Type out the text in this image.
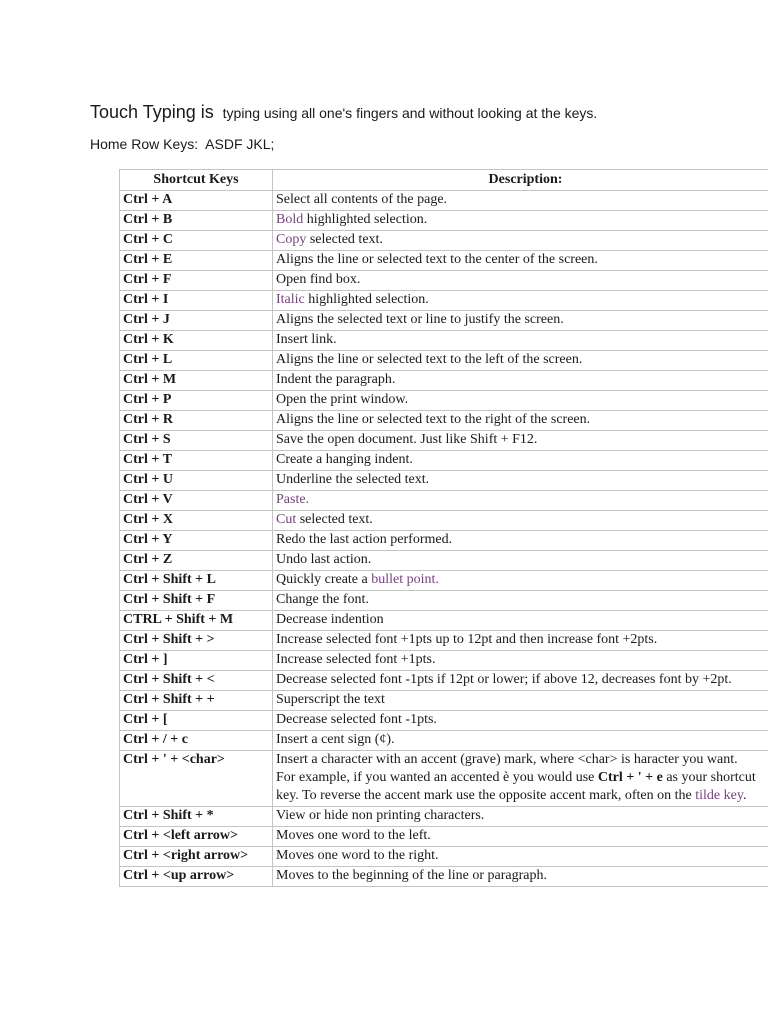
Touch Typing is typing using all one's fingers and without looking at the keys.

Home Row Keys:  ASDF JKL;

Shortcut Keys	Description:
Ctrl + A	Select all contents of the page.
Ctrl + B	Bold highlighted selection.
Ctrl + C	Copy selected text.
Ctrl + E	Aligns the line or selected text to the center of the screen.
Ctrl + F	Open find box.
Ctrl + I	Italic highlighted selection.
Ctrl + J	Aligns the selected text or line to justify the screen.
Ctrl + K	Insert link.
Ctrl + L	Aligns the line or selected text to the left of the screen.
Ctrl + M	Indent the paragraph.
Ctrl + P	Open the print window.
Ctrl + R	Aligns the line or selected text to the right of the screen.
Ctrl + S	Save the open document. Just like Shift + F12.
Ctrl + T	Create a hanging indent.
Ctrl + U	Underline the selected text.
Ctrl + V	Paste.
Ctrl + X	Cut selected text.
Ctrl + Y	Redo the last action performed.
Ctrl + Z	Undo last action.
Ctrl + Shift + L	Quickly create a bullet point.
Ctrl + Shift + F	Change the font.
CTRL + Shift + M	Decrease indention
Ctrl + Shift + >	Increase selected font +1pts up to 12pt and then increase font +2pts.
Ctrl + ]	Increase selected font +1pts.
Ctrl + Shift + <	Decrease selected font -1pts if 12pt or lower; if above 12, decreases font by +2pt.
Ctrl + Shift + +	Superscript the text
Ctrl + [	Decrease selected font -1pts.
Ctrl + / + c	Insert a cent sign (¢).
Ctrl + ' + <char>	Insert a character with an accent (grave) mark, where <char> is haracter you want. For example, if you wanted an accented è you would use Ctrl + ' + e as your shortcut key. To reverse the accent mark use the opposite accent mark, often on the tilde key.
Ctrl + Shift + *	View or hide non printing characters.
Ctrl + <left arrow>	Moves one word to the left.
Ctrl + <right arrow>	Moves one word to the right.
Ctrl + <up arrow>	Moves to the beginning of the line or paragraph.
